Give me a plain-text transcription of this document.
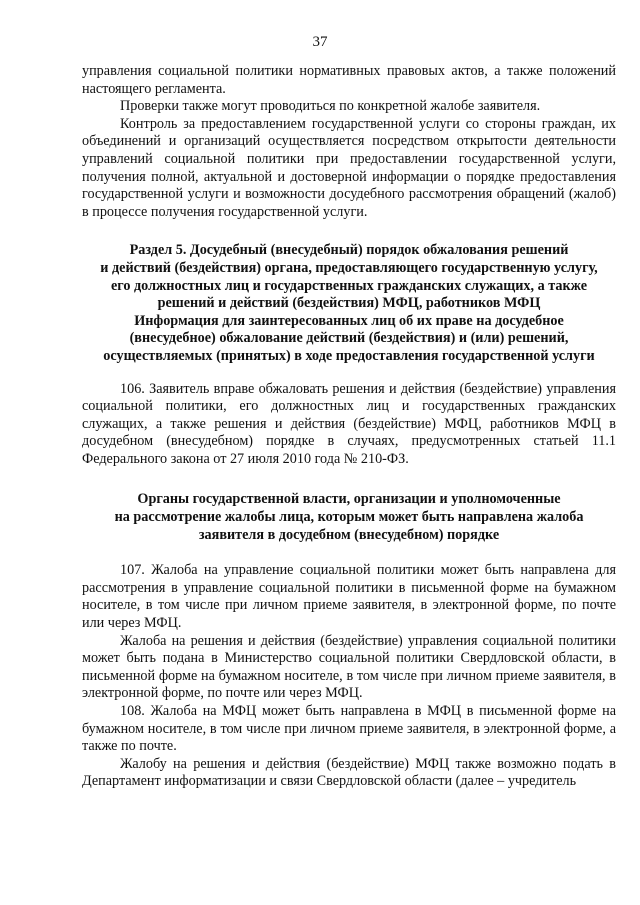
37

управления социальной политики нормативных правовых актов, а также положений настоящего регламента.

Проверки также могут проводиться по конкретной жалобе заявителя.

Контроль за предоставлением государственной услуги со стороны граждан, их объединений и организаций осуществляется посредством открытости деятельности управлений социальной политики при предоставлении государственной услуги, получения полной, актуальной и достоверной информации о порядке предоставления государственной услуги и возможности досудебного рассмотрения обращений (жалоб) в процессе получения государственной услуги.

Раздел 5. Досудебный (внесудебный) порядок обжалования решений
и действий (бездействия) органа, предоставляющего государственную услугу,
его должностных лиц и государственных гражданских служащих, а также
решений и действий (бездействия) МФЦ, работников МФЦ
Информация для заинтересованных лиц об их праве на досудебное
(внесудебное) обжалование действий (бездействия) и (или) решений,
осуществляемых (принятых) в ходе предоставления государственной услуги

106. Заявитель вправе обжаловать решения и действия (бездействие) управления социальной политики, его должностных лиц и государственных гражданских служащих, а также решения и действия (бездействие) МФЦ, работников МФЦ в досудебном (внесудебном) порядке в случаях, предусмотренных статьей 11.1 Федерального закона от 27 июля 2010 года № 210-ФЗ.

Органы государственной власти, организации и уполномоченные
на рассмотрение жалобы лица, которым может быть направлена жалоба
заявителя в досудебном (внесудебном) порядке

107. Жалоба на управление социальной политики может быть направлена для рассмотрения в управление социальной политики в письменной форме на бумажном носителе, в том числе при личном приеме заявителя, в электронной форме, по почте или через МФЦ.

Жалоба на решения и действия (бездействие) управления социальной политики может быть подана в Министерство социальной политики Свердловской области, в письменной форме на бумажном носителе, в том числе при личном приеме заявителя, в электронной форме, по почте или через МФЦ.

108. Жалоба на МФЦ может быть направлена в МФЦ в письменной форме на бумажном носителе, в том числе при личном приеме заявителя, в электронной форме, а также по почте.

Жалобу на решения и действия (бездействие) МФЦ также возможно подать в Департамент информатизации и связи Свердловской области (далее – учредитель
